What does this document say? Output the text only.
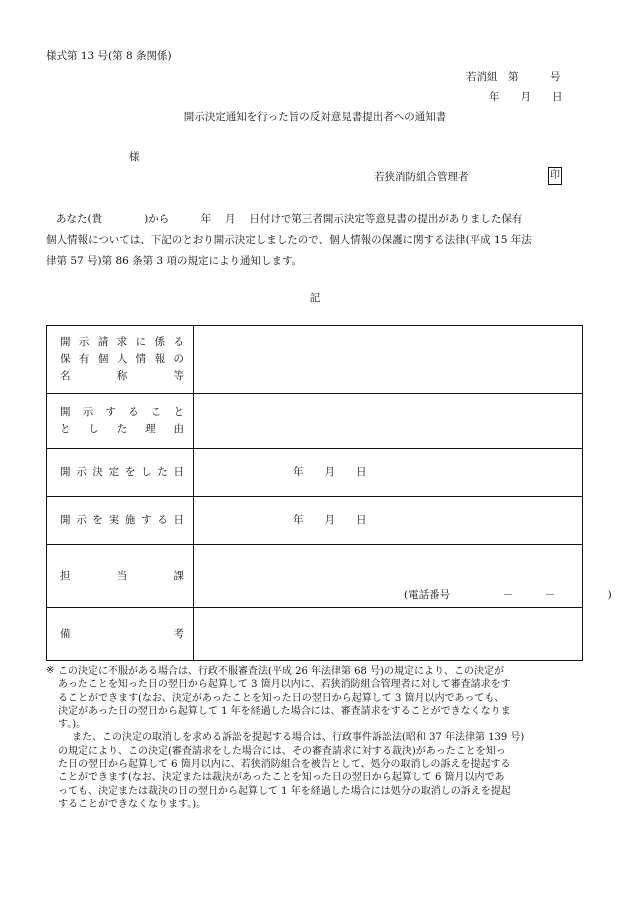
様式第 13 号(第 8 条関係)
若消組　第　　　号
年　　月　　日
開示決定通知を行った旨の反対意見書提出者への通知書
様
若狭消防組合管理者	印
あなた(貴　　　　)から　　　年　 月　 日付けで第三者開示決定等意見書の提出がありました保有
個人情報については、下記のとおり開示決定しましたので、個人情報の保護に関する法律(平成 15 年法
律第 57 号)第 86 条第 3 項の規定により通知します。
記
開 示 請 求 に 係 る
保 有 個 人 情 報 の
名　　称　　等	

開 示 す る こ と
と し た 理 由	

開示決定をした日	年　　月　　日

開示を実施する日	年　　月　　日

担　　当　　課	(電話番号　　　　　－　　　－　　　　　)

備　　　　　考	

※ この決定に不服がある場合は、行政不服審査法(平成 26 年法律第 68 号)の規定により、この決定が
あったことを知った日の翌日から起算して 3 箇月以内に、若狭消防組合管理者に対して審査請求をす
ることができます(なお、決定があったことを知った日の翌日から起算して 3 箇月以内であっても、
決定があった日の翌日から起算して 1 年を経過した場合には、審査請求をすることができなくなりま
す。)。
また、この決定の取消しを求める訴訟を提起する場合は、行政事件訴訟法(昭和 37 年法律第 139 号)
の規定により、この決定(審査請求をした場合には、その審査請求に対する裁決)があったことを知っ
た日の翌日から起算して 6 箇月以内に、若狭消防組合を被告として、処分の取消しの訴えを提起する
ことができます(なお、決定または裁決があったことを知った日の翌日から起算して 6 箇月以内であ
っても、決定または裁決の日の翌日から起算して 1 年を経過した場合には処分の取消しの訴えを提起
することができなくなります。)。
